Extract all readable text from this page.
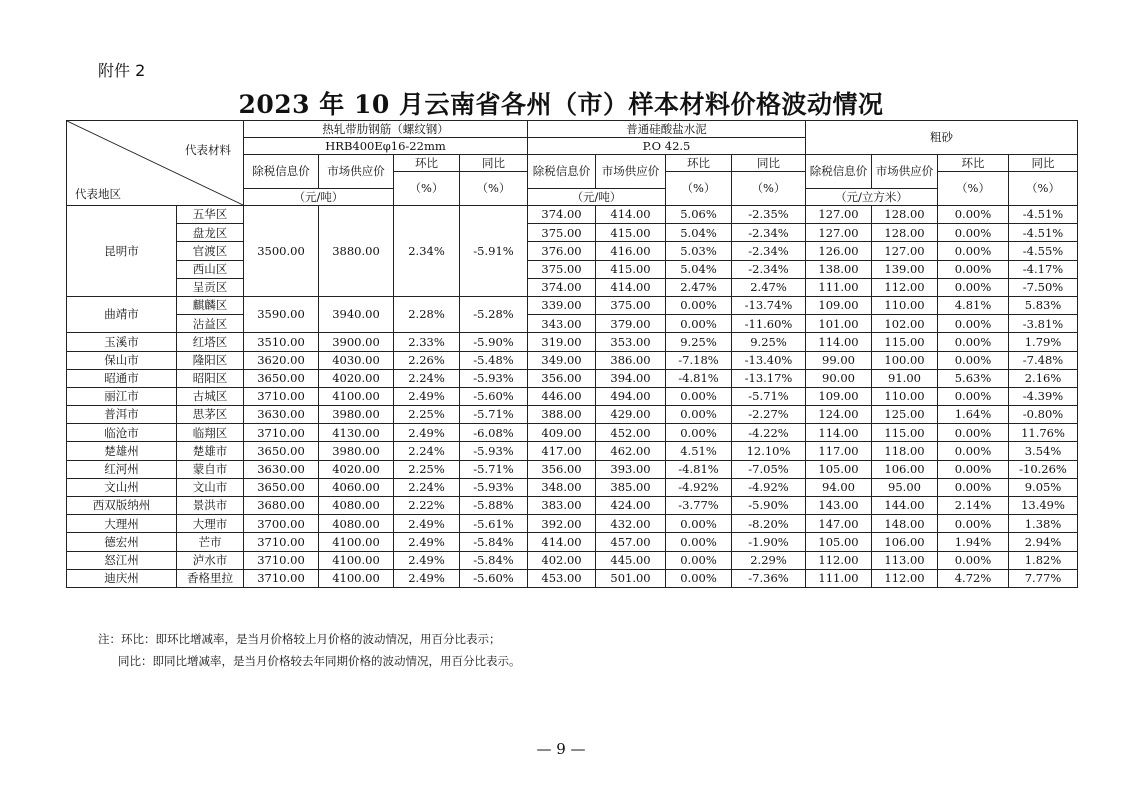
附件 2
2023 年 10 月云南省各州（市）样本材料价格波动情况
代表材料
代表地区		热轧带肋钢筋（螺纹钢）				普通硅酸盐水泥				粗砂			
		HRB400Eφ16-22mm				P.O 42.5							
		除税信息价	市场供应价	环比	同比	除税信息价	市场供应价	环比	同比	除税信息价	市场供应价	环比	同比
				（%）	（%）			（%）	（%）			（%）	（%）
		（元/吨）				（元/吨）				（元/立方米）			
昆明市	五华区	3500.00	3880.00	2.34%	-5.91%	374.00	414.00	5.06%	-2.35%	127.00	128.00	0.00%	-4.51%
	盘龙区					375.00	415.00	5.04%	-2.34%	127.00	128.00	0.00%	-4.51%
	官渡区					376.00	416.00	5.03%	-2.34%	126.00	127.00	0.00%	-4.55%
	西山区					375.00	415.00	5.04%	-2.34%	138.00	139.00	0.00%	-4.17%
	呈贡区					374.00	414.00	2.47%	2.47%	111.00	112.00	0.00%	-7.50%
曲靖市	麒麟区	3590.00	3940.00	2.28%	-5.28%	339.00	375.00	0.00%	-13.74%	109.00	110.00	4.81%	5.83%
	沾益区					343.00	379.00	0.00%	-11.60%	101.00	102.00	0.00%	-3.81%
玉溪市	红塔区	3510.00	3900.00	2.33%	-5.90%	319.00	353.00	9.25%	9.25%	114.00	115.00	0.00%	1.79%
保山市	隆阳区	3620.00	4030.00	2.26%	-5.48%	349.00	386.00	-7.18%	-13.40%	99.00	100.00	0.00%	-7.48%
昭通市	昭阳区	3650.00	4020.00	2.24%	-5.93%	356.00	394.00	-4.81%	-13.17%	90.00	91.00	5.63%	2.16%
丽江市	古城区	3710.00	4100.00	2.49%	-5.60%	446.00	494.00	0.00%	-5.71%	109.00	110.00	0.00%	-4.39%
普洱市	思茅区	3630.00	3980.00	2.25%	-5.71%	388.00	429.00	0.00%	-2.27%	124.00	125.00	1.64%	-0.80%
临沧市	临翔区	3710.00	4130.00	2.49%	-6.08%	409.00	452.00	0.00%	-4.22%	114.00	115.00	0.00%	11.76%
楚雄州	楚雄市	3650.00	3980.00	2.24%	-5.93%	417.00	462.00	4.51%	12.10%	117.00	118.00	0.00%	3.54%
红河州	蒙自市	3630.00	4020.00	2.25%	-5.71%	356.00	393.00	-4.81%	-7.05%	105.00	106.00	0.00%	-10.26%
文山州	文山市	3650.00	4060.00	2.24%	-5.93%	348.00	385.00	-4.92%	-4.92%	94.00	95.00	0.00%	9.05%
西双版纳州	景洪市	3680.00	4080.00	2.22%	-5.88%	383.00	424.00	-3.77%	-5.90%	143.00	144.00	2.14%	13.49%
大理州	大理市	3700.00	4080.00	2.49%	-5.61%	392.00	432.00	0.00%	-8.20%	147.00	148.00	0.00%	1.38%
德宏州	芒市	3710.00	4100.00	2.49%	-5.84%	414.00	457.00	0.00%	-1.90%	105.00	106.00	1.94%	2.94%
怒江州	泸水市	3710.00	4100.00	2.49%	-5.84%	402.00	445.00	0.00%	2.29%	112.00	113.00	0.00%	1.82%
迪庆州	香格里拉	3710.00	4100.00	2.49%	-5.60%	453.00	501.00	0.00%	-7.36%	111.00	112.00	4.72%	7.77%
注：环比：即环比增减率，是当月价格较上月价格的波动情况，用百分比表示；
同比：即同比增减率，是当月价格较去年同期价格的波动情况，用百分比表示。
— 9 —
